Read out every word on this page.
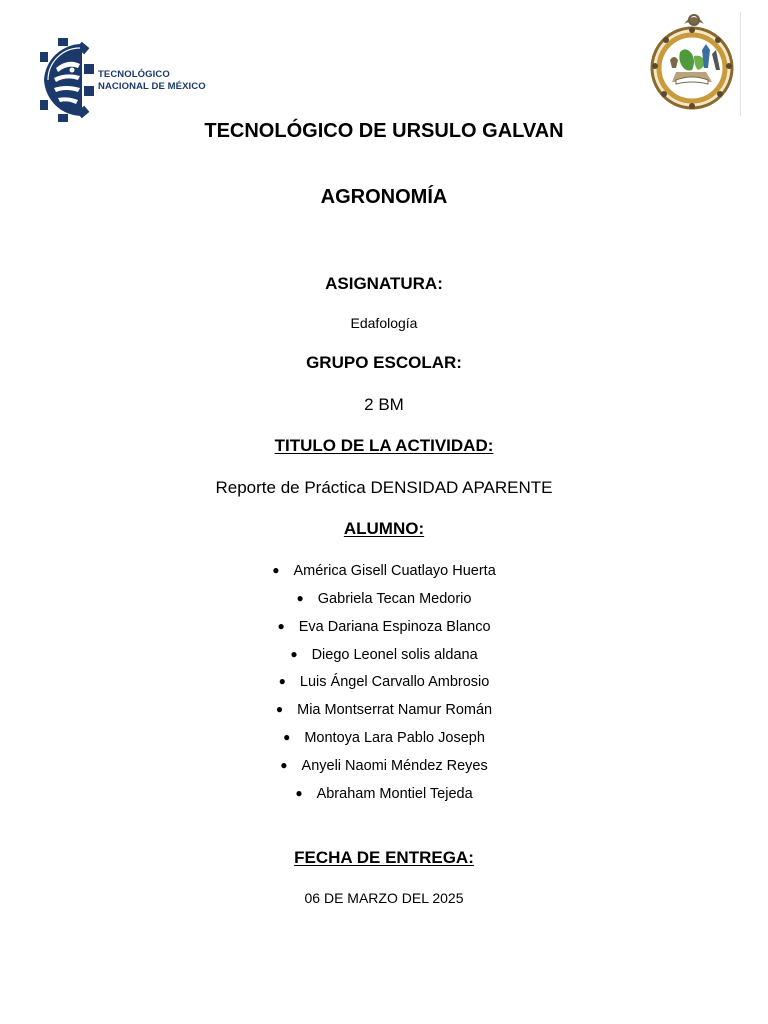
TECNOLÓGICO
NACIONAL DE MÉXICO
TECNOLÓGICO DE URSULO GALVAN
AGRONOMÍA
ASIGNATURA:
Edafología
GRUPO ESCOLAR:
2 BM
TITULO DE LA ACTIVIDAD:
Reporte de Práctica DENSIDAD APARENTE
ALUMNO:
● América Gisell Cuatlayo Huerta
● Gabriela Tecan Medorio
● Eva Dariana Espinoza Blanco
● Diego Leonel solis aldana
● Luis Ángel Carvallo Ambrosio
● Mia Montserrat Namur Román
● Montoya Lara Pablo Joseph
● Anyeli Naomi Méndez Reyes
● Abraham Montiel Tejeda
FECHA DE ENTREGA:
06 DE MARZO DEL 2025
